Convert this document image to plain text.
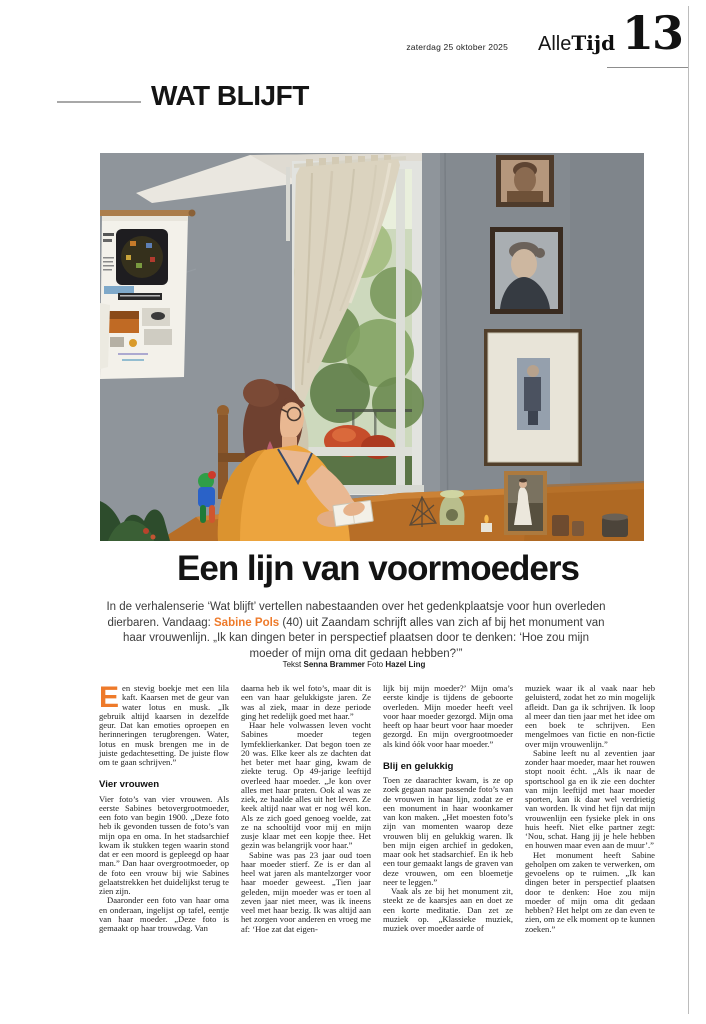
zaterdag 25 oktober 2025 AlleTijd 13
WAT BLIJFT
Een lijn van voormoeders

In de verhalenserie ‘Wat blijft’ vertellen nabestaanden over het gedenkplaatsje voor hun overleden dierbaren. Vandaag: Sabine Pols (40) uit Zaandam schrijft alles van zich af bij het monument van haar vrouwenlijn. „Ik kan dingen beter in perspectief plaatsen door te denken: ‘Hoe zou mijn moeder of mijn oma dit gedaan hebben?’”

Tekst Senna Brammer Foto Hazel Ling

Een stevig boekje met een lila kaft. Kaarsen met de geur van water lotus en musk. „Ik gebruik altijd kaarsen in dezelfde geur. Dat kan emoties oproepen en herinneringen terugbrengen. Water, lotus en musk brengen me in de juiste gedachtesetting. De juiste flow om te gaan schrijven.”

Vier vrouwen

Vier foto’s van vier vrouwen. Als eerste Sabines betovergrootmoeder, een foto van begin 1900. „Deze foto heb ik gevonden tussen de foto’s van mijn opa en oma. In het stadsarchief kwam ik stukken tegen waarin stond dat er een moord is gepleegd op haar man.” Dan haar overgrootmoeder, op de foto een vrouw bij wie Sabines gelaatstrekken het duidelijkst terug te zien zijn.

Daaronder een foto van haar oma en onderaan, ingelijst op tafel, eentje van haar moeder. „Deze foto is gemaakt op haar trouwdag. Van

daarna heb ik wel foto’s, maar dit is een van haar gelukkigste jaren. Ze was al ziek, maar in deze periode ging het redelijk goed met haar.”

Haar hele volwassen leven vocht Sabines moeder tegen lymfeklierkanker. Dat begon toen ze 20 was. Elke keer als ze dachten dat het beter met haar ging, kwam de ziekte terug. Op 49-jarige leeftijd overleed haar moeder. „Je kon over alles met haar praten. Ook al was ze ziek, ze haalde alles uit het leven. Ze keek altijd naar wat er nog wél kon. Als ze zich goed genoeg voelde, zat ze na schooltijd voor mij en mijn zusje klaar met een kopje thee. Het gezin was belangrijk voor haar.”

Sabine was pas 23 jaar oud toen haar moeder stierf. Ze is er dan al heel wat jaren als mantelzorger voor haar moeder geweest. „Tien jaar geleden, mijn moeder was er toen al zeven jaar niet meer, was ik ineens veel met haar bezig. Ik was altijd aan het zorgen voor anderen en vroeg me af: ‘Hoe zat dat eigen-

lijk bij mijn moeder?’ Mijn oma’s eerste kindje is tijdens de geboorte overleden. Mijn moeder heeft veel voor haar moeder gezorgd. Mijn oma heeft op haar beurt voor haar moeder gezorgd. En mijn overgrootmoeder als kind óók voor haar moeder.”

Blij en gelukkig

Toen ze daarachter kwam, is ze op zoek gegaan naar passende foto’s van de vrouwen in haar lijn, zodat ze er een monument in haar woonkamer van kon maken. „Het moesten foto’s zijn van momenten waarop deze vrouwen blij en gelukkig waren. Ik ben mijn eigen archief in gedoken, maar ook het stadsarchief. En ik heb een tour gemaakt langs de graven van deze vrouwen, om een bloemetje neer te leggen.”

Vaak als ze bij het monument zit, steekt ze de kaarsjes aan en doet ze een korte meditatie. Dan zet ze muziek op. „Klassieke muziek, muziek over moeder aarde of

muziek waar ik al vaak naar heb geluisterd, zodat het zo min mogelijk afleidt. Dan ga ik schrijven. Ik loop al meer dan tien jaar met het idee om een boek te schrijven. Een mengelmoes van fictie en non-fictie over mijn vrouwenlijn.”

Sabine leeft nu al zeventien jaar zonder haar moeder, maar het rouwen stopt nooit écht. „Als ik naar de sportschool ga en ik zie een dochter van mijn leeftijd met haar moeder sporten, kan ik daar wel verdrietig van worden. Ik vind het fijn dat mijn vrouwenlijn een fysieke plek in ons huis heeft. Niet elke partner zegt: ‘Nou, schat. Hang jij je hele hebben en houwen maar even aan de muur’.”

Het monument heeft Sabine geholpen om zaken te verwerken, om gevoelens op te ruimen. „Ik kan dingen beter in perspectief plaatsen door te denken: Hoe zou mijn moeder of mijn oma dit gedaan hebben? Het helpt om ze dan even te zien, om ze elk moment op te kunnen zoeken.”
